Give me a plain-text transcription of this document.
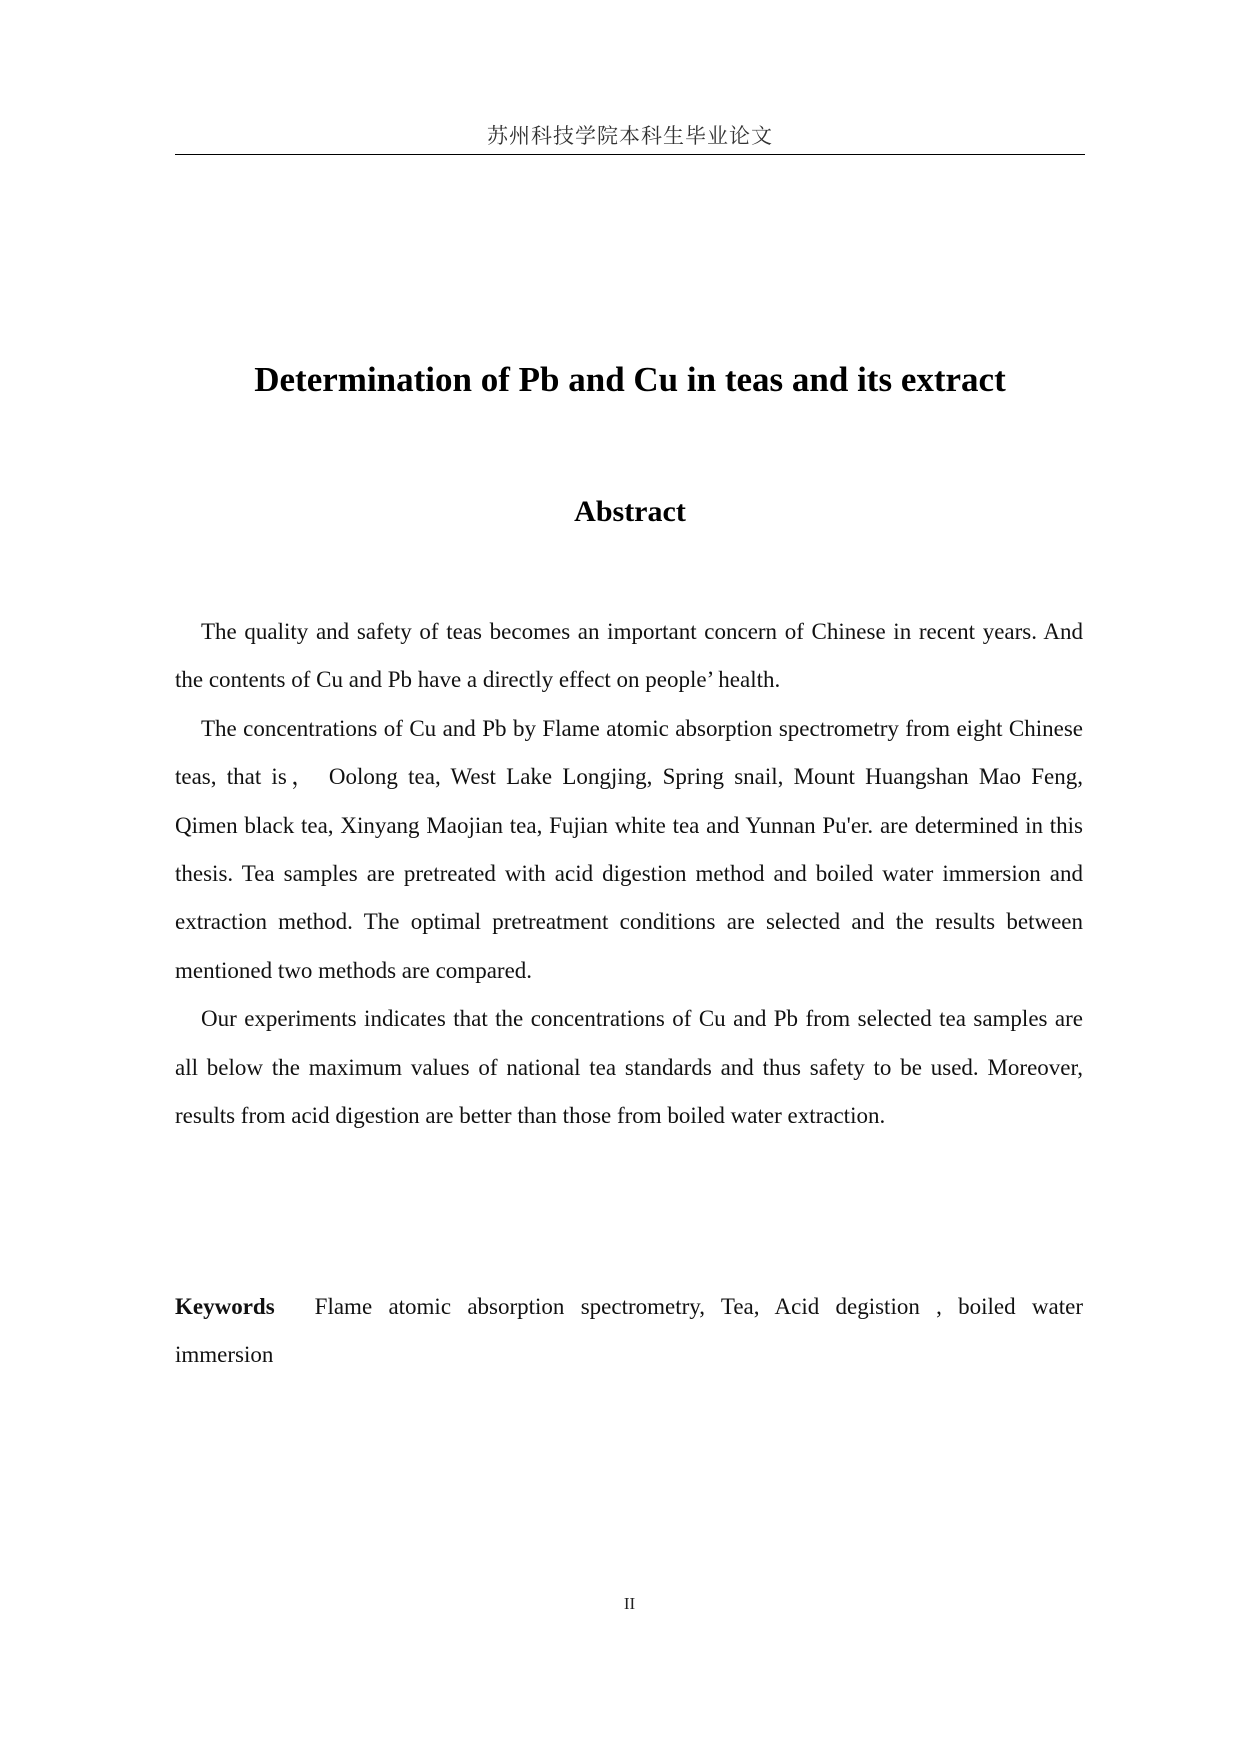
苏州科技学院本科生毕业论文
Determination of Pb and Cu in teas and its extract
Abstract

The quality and safety of teas becomes an important concern of Chinese in recent years. And the contents of Cu and Pb have a directly effect on people’ health.

The concentrations of Cu and Pb by Flame atomic absorption spectrometry from eight Chinese teas, that is， Oolong tea, West Lake Longjing, Spring snail, Mount Huangshan Mao Feng, Qimen black tea, Xinyang Maojian tea, Fujian white tea and Yunnan Pu'er. are determined in this thesis. Tea samples are pretreated with acid digestion method and boiled water immersion and extraction method. The optimal pretreatment conditions are selected and the results between mentioned two methods are compared.

Our experiments indicates that the concentrations of Cu and Pb from selected tea samples are all below the maximum values of national tea standards and thus safety to be used. Moreover, results from acid digestion are better than those from boiled water extraction.

Keywords Flame atomic absorption spectrometry, Tea, Acid degistion , boiled water immersion
II
